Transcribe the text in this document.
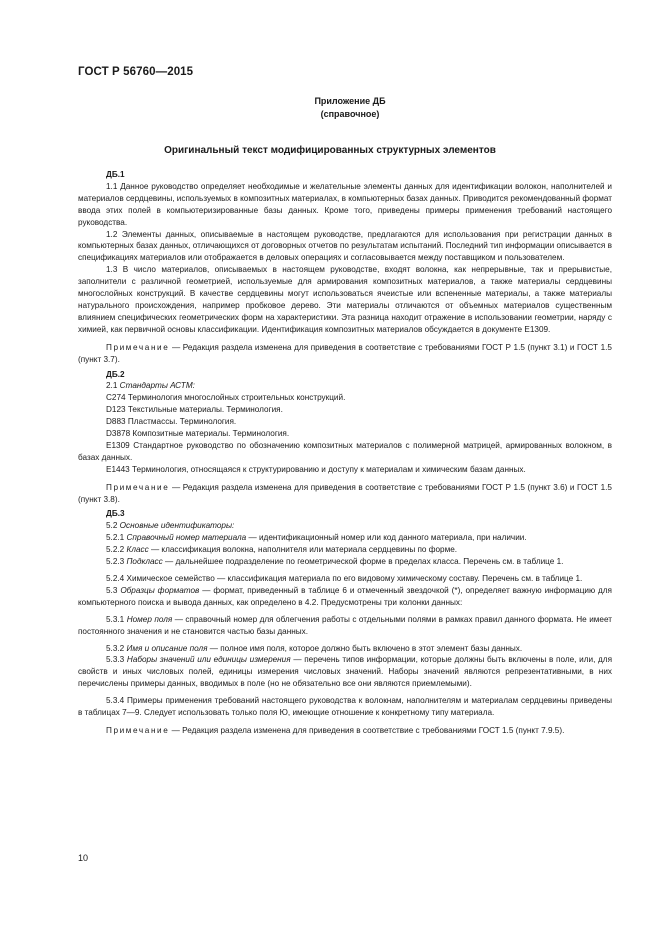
ГОСТ Р 56760—2015
Приложение ДБ
(справочное)
Оригинальный текст модифицированных структурных элементов

ДБ.1

1.1 Данное руководство определяет необходимые и желательные элементы данных для идентификации волокон, наполнителей и материалов сердцевины, используемых в композитных материалах, в компьютерных базах данных. Приводится рекомендованный формат ввода этих полей в компьютеризированные базы данных. Кроме того, приведены примеры применения требований настоящего руководства.

1.2 Элементы данных, описываемые в настоящем руководстве, предлагаются для использования при регистрации данных в компьютерных базах данных, отличающихся от договорных отчетов по результатам испытаний. Последний тип информации описывается в спецификациях материалов или отображается в деловых операциях и согласовывается между поставщиком и пользователем.

1.3 В число материалов, описываемых в настоящем руководстве, входят волокна, как непрерывные, так и прерывистые, заполнители с различной геометрией, используемые для армирования композитных материалов, а также материалы сердцевины многослойных конструкций. В качестве сердцевины могут использоваться ячеистые или вспененные материалы, а также материалы натурального происхождения, например пробковое дерево. Эти материалы отличаются от объемных материалов существенным влиянием специфических геометрических форм на характеристики. Эта разница находит отражение в использовании геометрии, наряду с химией, как первичной основы классификации. Идентификация композитных материалов обсуждается в документе E1309.

Примечание — Редакция раздела изменена для приведения в соответствие с требованиями ГОСТ Р 1.5 (пункт 3.1) и ГОСТ 1.5 (пункт 3.7).

ДБ.2

2.1 Стандарты АСТМ:

С274 Терминология многослойных строительных конструкций.

D123 Текстильные материалы. Терминология.

D883 Пластмассы. Терминология.

D3878 Композитные материалы. Терминология.

E1309 Стандартное руководство по обозначению композитных материалов с полимерной матрицей, армированных волокном, в базах данных.

E1443 Терминология, относящаяся к структурированию и доступу к материалам и химическим базам данных.

Примечание — Редакция раздела изменена для приведения в соответствие с требованиями ГОСТ Р 1.5 (пункт 3.6) и ГОСТ 1.5 (пункт 3.8).

ДБ.3

5.2 Основные идентификаторы:

5.2.1 Справочный номер материала — идентификационный номер или код данного материала, при наличии.

5.2.2 Класс — классификация волокна, наполнителя или материала сердцевины по форме.

5.2.3 Подкласс — дальнейшее подразделение по геометрической форме в пределах класса. Перечень см. в таблице 1.

5.2.4 Химическое семейство — классификация материала по его видовому химическому составу. Перечень см. в таблице 1.

5.3 Образцы форматов — формат, приведенный в таблице 6 и отмеченный звездочкой (*), определяет важную информацию для компьютерного поиска и вывода данных, как определено в 4.2. Предусмотрены три колонки данных:

5.3.1 Номер поля — справочный номер для облегчения работы с отдельными полями в рамках правил данного формата. Не имеет постоянного значения и не становится частью базы данных.

5.3.2 Имя и описание поля — полное имя поля, которое должно быть включено в этот элемент базы данных.

5.3.3 Наборы значений или единицы измерения — перечень типов информации, которые должны быть включены в поле, или, для свойств и иных числовых полей, единицы измерения числовых значений. Наборы значений являются репрезентативными, в них перечислены примеры данных, вводимых в поле (но не обязательно все они являются приемлемыми).

5.3.4 Примеры применения требований настоящего руководства к волокнам, наполнителям и материалам сердцевины приведены в таблицах 7—9. Следует использовать только поля Ю, имеющие отношение к конкретному типу материала.

Примечание — Редакция раздела изменена для приведения в соответствие с требованиями ГОСТ 1.5 (пункт 7.9.5).

10
